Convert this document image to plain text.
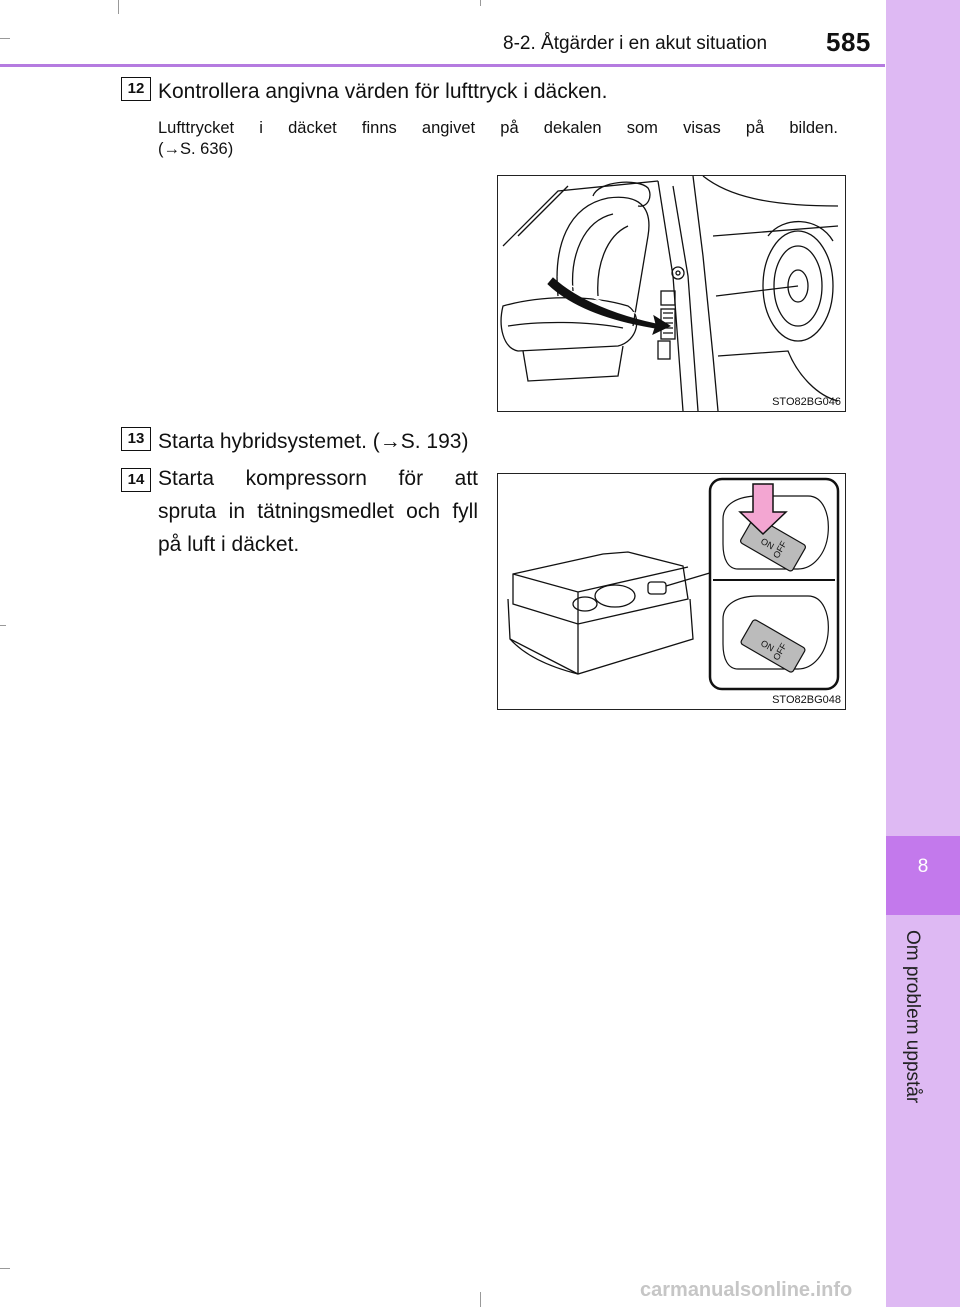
8-2. Åtgärder i en akut situation 585
8
Om problem uppstår
12 Kontrollera angivna värden för lufttryck i däcken.
Lufttrycket i däcket finns angivet på dekalen som visas på bilden.
(→S. 636)
STO82BG046
13 Starta hybridsystemet. (→S. 193)
14 Starta kompressorn för att
spruta in tätningsmedlet och fyll
på luft i däcket.	ON
OFF
ON
OFF
STO82BG048
carmanualsonline.info
